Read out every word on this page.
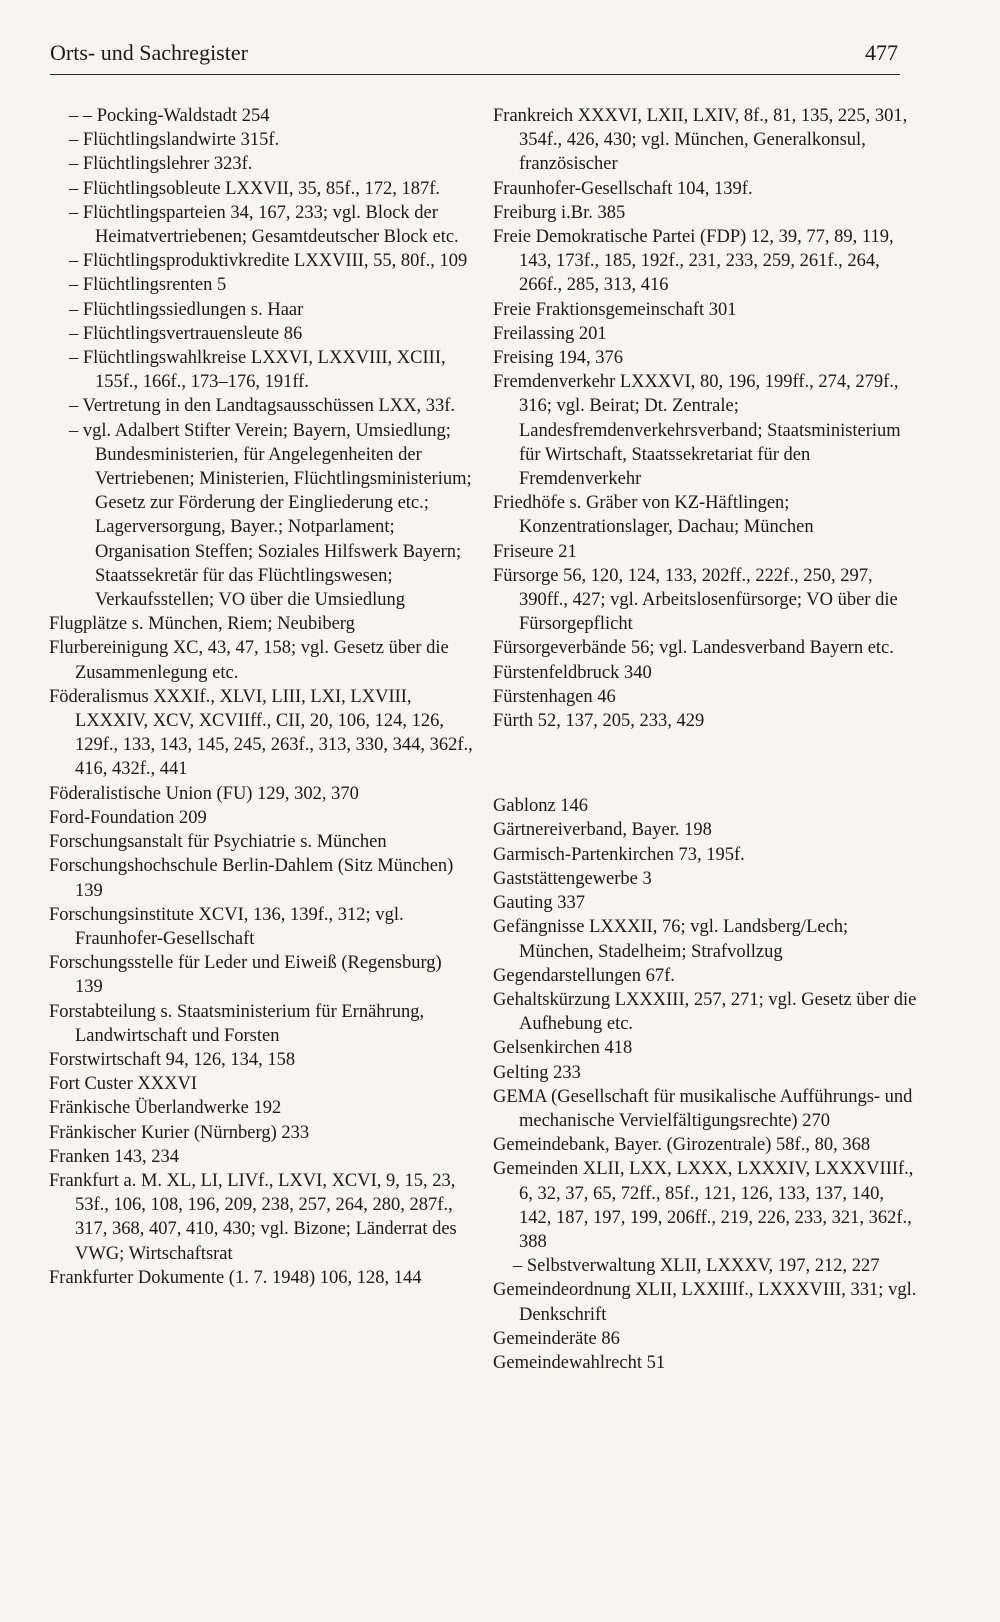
Orts- und Sachregister	477

– – Pocking-Waldstadt 254

– Flüchtlingslandwirte 315f.

– Flüchtlingslehrer 323f.

– Flüchtlingsobleute LXXVII, 35, 85f., 172, 187f.

– Flüchtlingsparteien 34, 167, 233; vgl. Block der Heimatvertriebenen; Gesamtdeutscher Block etc.

– Flüchtlingsproduktivkredite LXXVIII, 55, 80f., 109

– Flüchtlingsrenten 5

– Flüchtlingssiedlungen s. Haar

– Flüchtlingsvertrauensleute 86

– Flüchtlingswahlkreise LXXVI, LXXVIII, XCIII, 155f., 166f., 173–176, 191ff.

– Vertretung in den Landtagsausschüssen LXX, 33f.

– vgl. Adalbert Stifter Verein; Bayern, Umsiedlung; Bundesministerien, für Angelegenheiten der Vertriebenen; Ministerien, Flüchtlingsministerium; Gesetz zur Förderung der Eingliederung etc.; Lagerversorgung, Bayer.; Notparlament; Organisation Steffen; Soziales Hilfswerk Bayern; Staatssekretär für das Flüchtlingswesen; Verkaufsstellen; VO über die Umsiedlung

Flugplätze s. München, Riem; Neubiberg

Flurbereinigung XC, 43, 47, 158; vgl. Gesetz über die Zusammenlegung etc.

Föderalismus XXXIf., XLVI, LIII, LXI, LXVIII, LXXXIV, XCV, XCVIIff., CII, 20, 106, 124, 126, 129f., 133, 143, 145, 245, 263f., 313, 330, 344, 362f., 416, 432f., 441

Föderalistische Union (FU) 129, 302, 370

Ford-Foundation 209

Forschungsanstalt für Psychiatrie s. München

Forschungshochschule Berlin-Dahlem (Sitz München) 139

Forschungsinstitute XCVI, 136, 139f., 312; vgl. Fraunhofer-Gesellschaft

Forschungsstelle für Leder und Eiweiß (Regensburg) 139

Forstabteilung s. Staatsministerium für Ernährung, Landwirtschaft und Forsten

Forstwirtschaft 94, 126, 134, 158

Fort Custer XXXVI

Fränkische Überlandwerke 192

Fränkischer Kurier (Nürnberg) 233

Franken 143, 234

Frankfurt a. M. XL, LI, LIVf., LXVI, XCVI, 9, 15, 23, 53f., 106, 108, 196, 209, 238, 257, 264, 280, 287f., 317, 368, 407, 410, 430; vgl. Bizone; Länderrat des VWG; Wirtschaftsrat

Frankfurter Dokumente (1. 7. 1948) 106, 128, 144

Frankreich XXXVI, LXII, LXIV, 8f., 81, 135, 225, 301, 354f., 426, 430; vgl. München, Generalkonsul, französischer

Fraunhofer-Gesellschaft 104, 139f.

Freiburg i.Br. 385

Freie Demokratische Partei (FDP) 12, 39, 77, 89, 119, 143, 173f., 185, 192f., 231, 233, 259, 261f., 264, 266f., 285, 313, 416

Freie Fraktionsgemeinschaft 301

Freilassing 201

Freising 194, 376

Fremdenverkehr LXXXVI, 80, 196, 199ff., 274, 279f., 316; vgl. Beirat; Dt. Zentrale; Landesfremdenverkehrsverband; Staatsministerium für Wirtschaft, Staatssekretariat für den Fremdenverkehr

Friedhöfe s. Gräber von KZ-Häftlingen; Konzentrationslager, Dachau; München

Friseure 21

Fürsorge 56, 120, 124, 133, 202ff., 222f., 250, 297, 390ff., 427; vgl. Arbeitslosenfürsorge; VO über die Fürsorgepflicht

Fürsorgeverbände 56; vgl. Landesverband Bayern etc.

Fürstenfeldbruck 340

Fürstenhagen 46

Fürth 52, 137, 205, 233, 429

Gablonz 146

Gärtnereiverband, Bayer. 198

Garmisch-Partenkirchen 73, 195f.

Gaststättengewerbe 3

Gauting 337

Gefängnisse LXXXII, 76; vgl. Landsberg/Lech; München, Stadelheim; Strafvollzug

Gegendarstellungen 67f.

Gehaltskürzung LXXXIII, 257, 271; vgl. Gesetz über die Aufhebung etc.

Gelsenkirchen 418

Gelting 233

GEMA (Gesellschaft für musikalische Aufführungs- und mechanische Vervielfältigungsrechte) 270

Gemeindebank, Bayer. (Girozentrale) 58f., 80, 368

Gemeinden XLII, LXX, LXXX, LXXXIV, LXXXVIIIf., 6, 32, 37, 65, 72ff., 85f., 121, 126, 133, 137, 140, 142, 187, 197, 199, 206ff., 219, 226, 233, 321, 362f., 388

– Selbstverwaltung XLII, LXXXV, 197, 212, 227

Gemeindeordnung XLII, LXXIIIf., LXXXVIII, 331; vgl. Denkschrift

Gemeinderäte 86

Gemeindewahlrecht 51
